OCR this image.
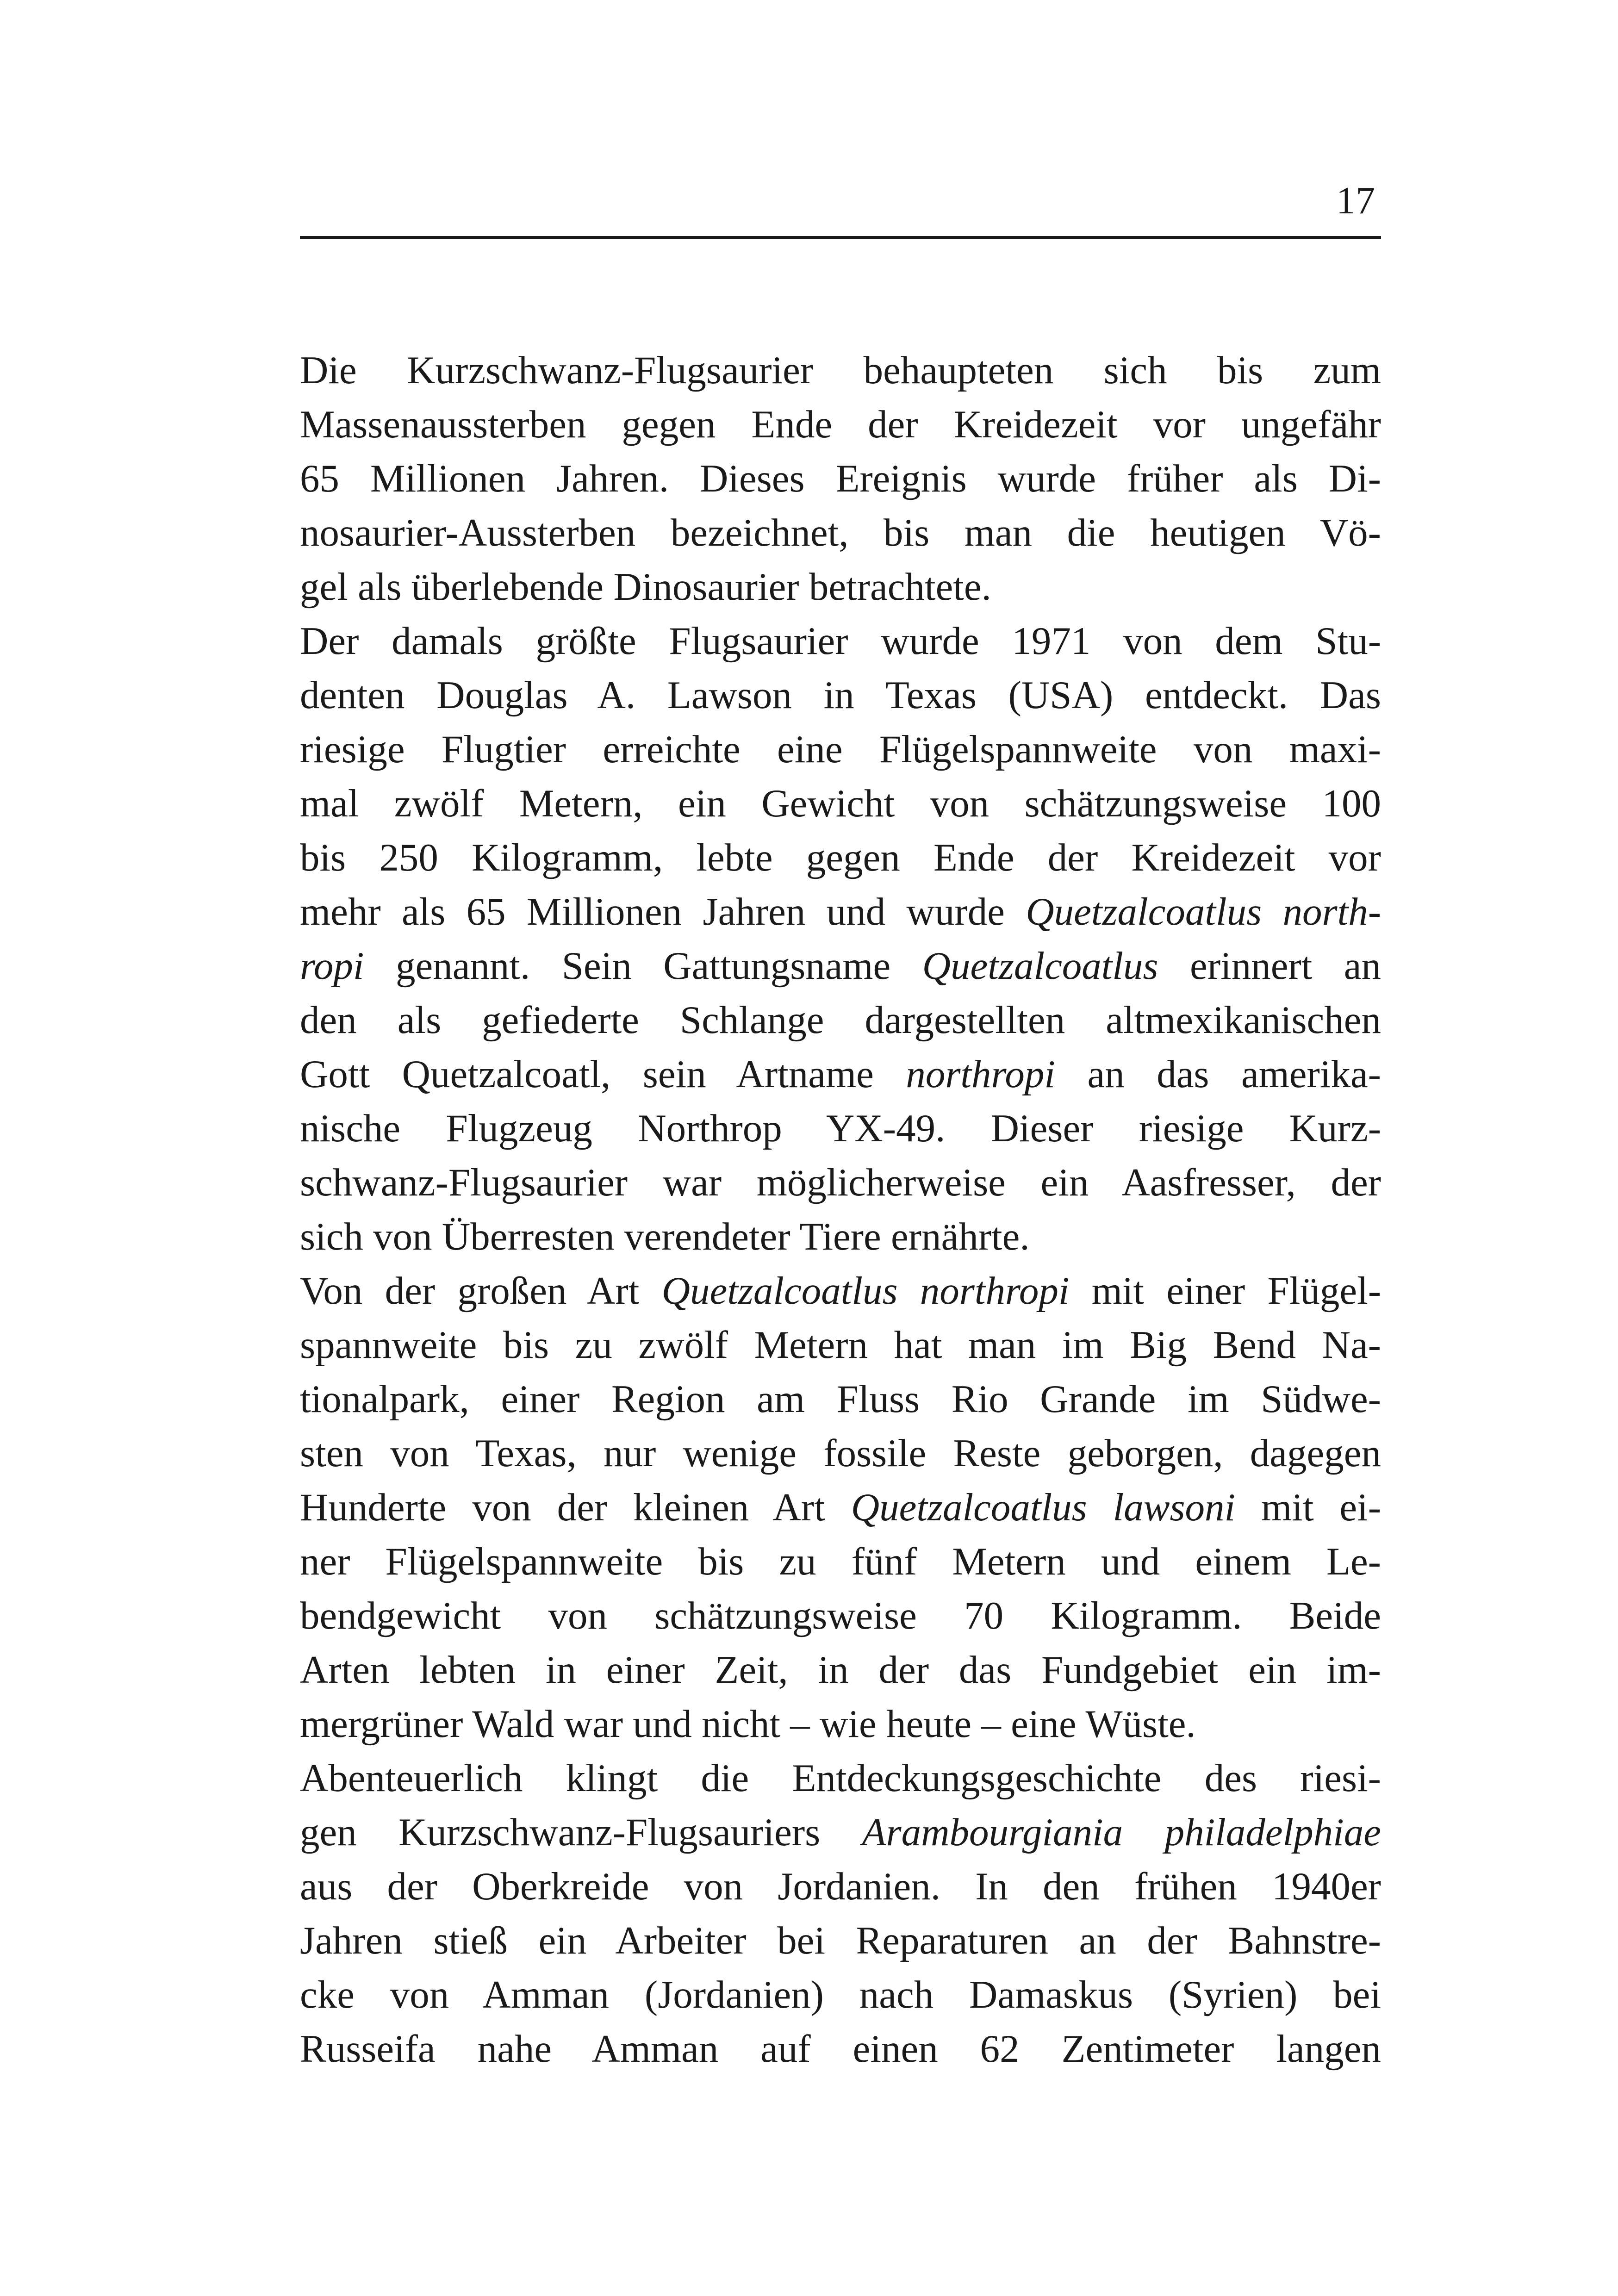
17
Die Kurzschwanz-Flugsaurier behaupteten sich bis zum
Massenaussterben gegen Ende der Kreidezeit vor ungefähr
65 Millionen Jahren. Dieses Ereignis wurde früher als Di-
nosaurier-Aussterben bezeichnet, bis man die heutigen Vö-
gel als überlebende Dinosaurier betrachtete.
Der damals größte Flugsaurier wurde 1971 von dem Stu-
denten Douglas A. Lawson in Texas (USA) entdeckt. Das
riesige Flugtier erreichte eine Flügelspannweite von maxi-
mal zwölf Metern, ein Gewicht von schätzungsweise 100
bis 250 Kilogramm, lebte gegen Ende der Kreidezeit vor
mehr als 65 Millionen Jahren und wurde Quetzalcoatlus north-
ropi genannt. Sein Gattungsname Quetzalcoatlus erinnert an
den als gefiederte Schlange dargestellten altmexikanischen
Gott Quetzalcoatl, sein Artname northropi an das amerika-
nische Flugzeug Northrop YX-49. Dieser riesige Kurz-
schwanz-Flugsaurier war möglicherweise ein Aasfresser, der
sich von Überresten verendeter Tiere ernährte.
Von der großen Art Quetzalcoatlus northropi mit einer Flügel-
spannweite bis zu zwölf Metern hat man im Big Bend Na-
tionalpark, einer Region am Fluss Rio Grande im Südwe-
sten von Texas, nur wenige fossile Reste geborgen, dagegen
Hunderte von der kleinen Art Quetzalcoatlus lawsoni mit ei-
ner Flügelspannweite bis zu fünf Metern und einem Le-
bendgewicht von schätzungsweise 70 Kilogramm. Beide
Arten lebten in einer Zeit, in der das Fundgebiet ein im-
mergrüner Wald war und nicht – wie heute – eine Wüste.
Abenteuerlich klingt die Entdeckungsgeschichte des riesi-
gen Kurzschwanz-Flugsauriers Arambourgiania philadelphiae
aus der Oberkreide von Jordanien. In den frühen 1940er
Jahren stieß ein Arbeiter bei Reparaturen an der Bahnstre-
cke von Amman (Jordanien) nach Damaskus (Syrien) bei
Russeifa nahe Amman auf einen 62 Zentimeter langen
